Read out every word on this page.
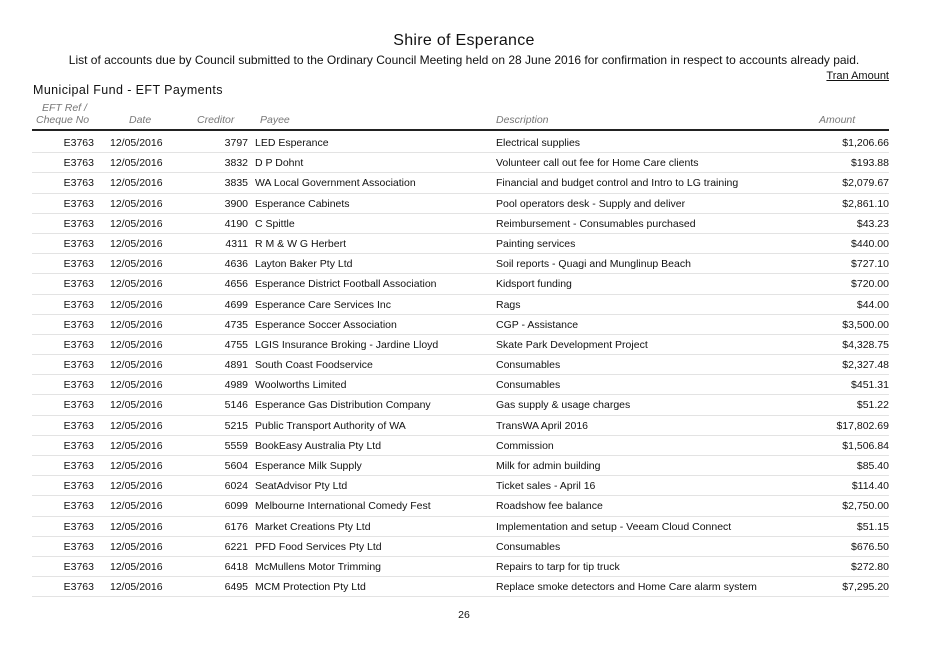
Shire of Esperance
List of accounts due by Council submitted to the Ordinary Council Meeting held on 28 June 2016 for confirmation in respect to accounts already paid.
Tran Amount
Municipal Fund - EFT Payments
EFT Ref /
Cheque No	Date	Creditor Payee	Description	Amount
E3763 12/05/2016	3797 LED Esperance	Electrical supplies	$1,206.66
E3763 12/05/2016	3832 D P Dohnt	Volunteer call out fee for Home Care clients	$193.88
E3763 12/05/2016	3835 WA Local Government Association	Financial and budget control and Intro to LG training	$2,079.67
E3763 12/05/2016	3900 Esperance Cabinets	Pool operators desk - Supply and deliver	$2,861.10
E3763 12/05/2016	4190 C Spittle	Reimbursement - Consumables purchased	$43.23
E3763 12/05/2016	4311 R M & W G Herbert	Painting services	$440.00
E3763 12/05/2016	4636 Layton Baker Pty Ltd	Soil reports - Quagi and Munglinup Beach	$727.10
E3763 12/05/2016	4656 Esperance District Football Association	Kidsport funding	$720.00
E3763 12/05/2016	4699 Esperance Care Services Inc	Rags	$44.00
E3763 12/05/2016	4735 Esperance Soccer Association	CGP - Assistance	$3,500.00
E3763 12/05/2016	4755 LGIS Insurance Broking - Jardine Lloyd	Skate Park Development Project	$4,328.75
E3763 12/05/2016	4891 South Coast Foodservice	Consumables	$2,327.48
E3763 12/05/2016	4989 Woolworths Limited	Consumables	$451.31
E3763 12/05/2016	5146 Esperance Gas Distribution Company	Gas supply & usage charges	$51.22
E3763 12/05/2016	5215 Public Transport Authority of WA	TransWA April 2016	$17,802.69
E3763 12/05/2016	5559 BookEasy Australia Pty Ltd	Commission	$1,506.84
E3763 12/05/2016	5604 Esperance Milk Supply	Milk for admin building	$85.40
E3763 12/05/2016	6024 SeatAdvisor Pty Ltd	Ticket sales - April 16	$114.40
E3763 12/05/2016	6099 Melbourne International Comedy Fest	Roadshow fee balance	$2,750.00
E3763 12/05/2016	6176 Market Creations Pty Ltd	Implementation and setup - Veeam Cloud Connect	$51.15
E3763 12/05/2016	6221 PFD Food Services Pty Ltd	Consumables	$676.50
E3763 12/05/2016	6418 McMullens Motor Trimming	Repairs to tarp for tip truck	$272.80
E3763 12/05/2016	6495 MCM Protection Pty Ltd	Replace smoke detectors and Home Care alarm system	$7,295.20
26
